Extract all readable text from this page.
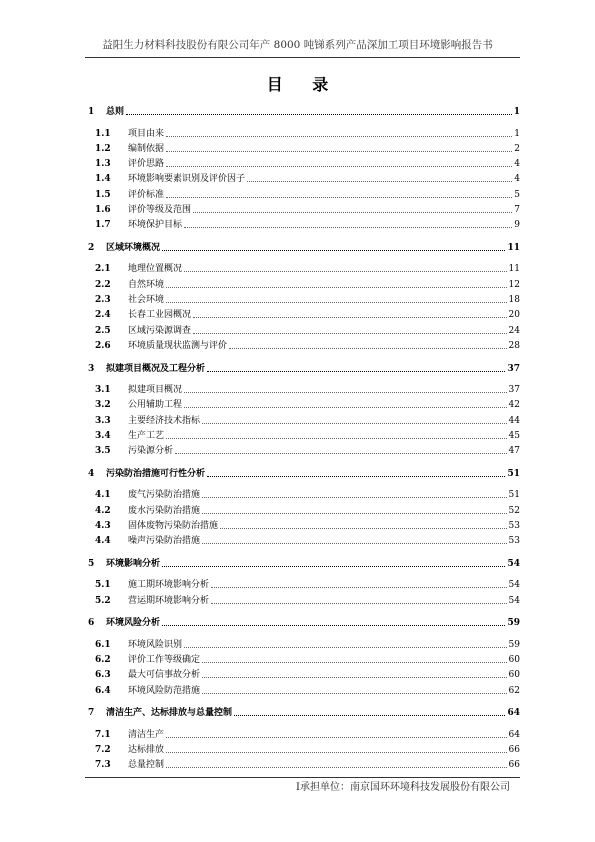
益阳生力材料科技股份有限公司年产 8000 吨锑系列产品深加工项目环境影响报告书
目 录
1	总则	1
1.1	项目由来	1
1.2	编制依据	2
1.3	评价思路	4
1.4	环境影响要素识别及评价因子	4
1.5	评价标准	5
1.6	评价等级及范围	7
1.7	环境保护目标	9
2	区域环境概况	11
2.1	地理位置概况	11
2.2	自然环境	12
2.3	社会环境	18
2.4	长春工业园概况	20
2.5	区域污染源调查	24
2.6	环境质量现状监测与评价	28
3	拟建项目概况及工程分析	37
3.1	拟建项目概况	37
3.2	公用辅助工程	42
3.3	主要经济技术指标	44
3.4	生产工艺	45
3.5	污染源分析	47
4	污染防治措施可行性分析	51
4.1	废气污染防治措施	51
4.2	废水污染防治措施	52
4.3	固体废物污染防治措施	53
4.4	噪声污染防治措施	53
5	环境影响分析	54
5.1	施工期环境影响分析	54
5.2	营运期环境影响分析	54
6	环境风险分析	59
6.1	环境风险识别	59
6.2	评价工作等级确定	60
6.3	最大可信事故分析	60
6.4	环境风险防范措施	62
7	清洁生产、达标排放与总量控制	64
7.1	清洁生产	64
7.2	达标排放	66
7.3	总量控制	66
I承担单位：南京国环环境科技发展股份有限公司
